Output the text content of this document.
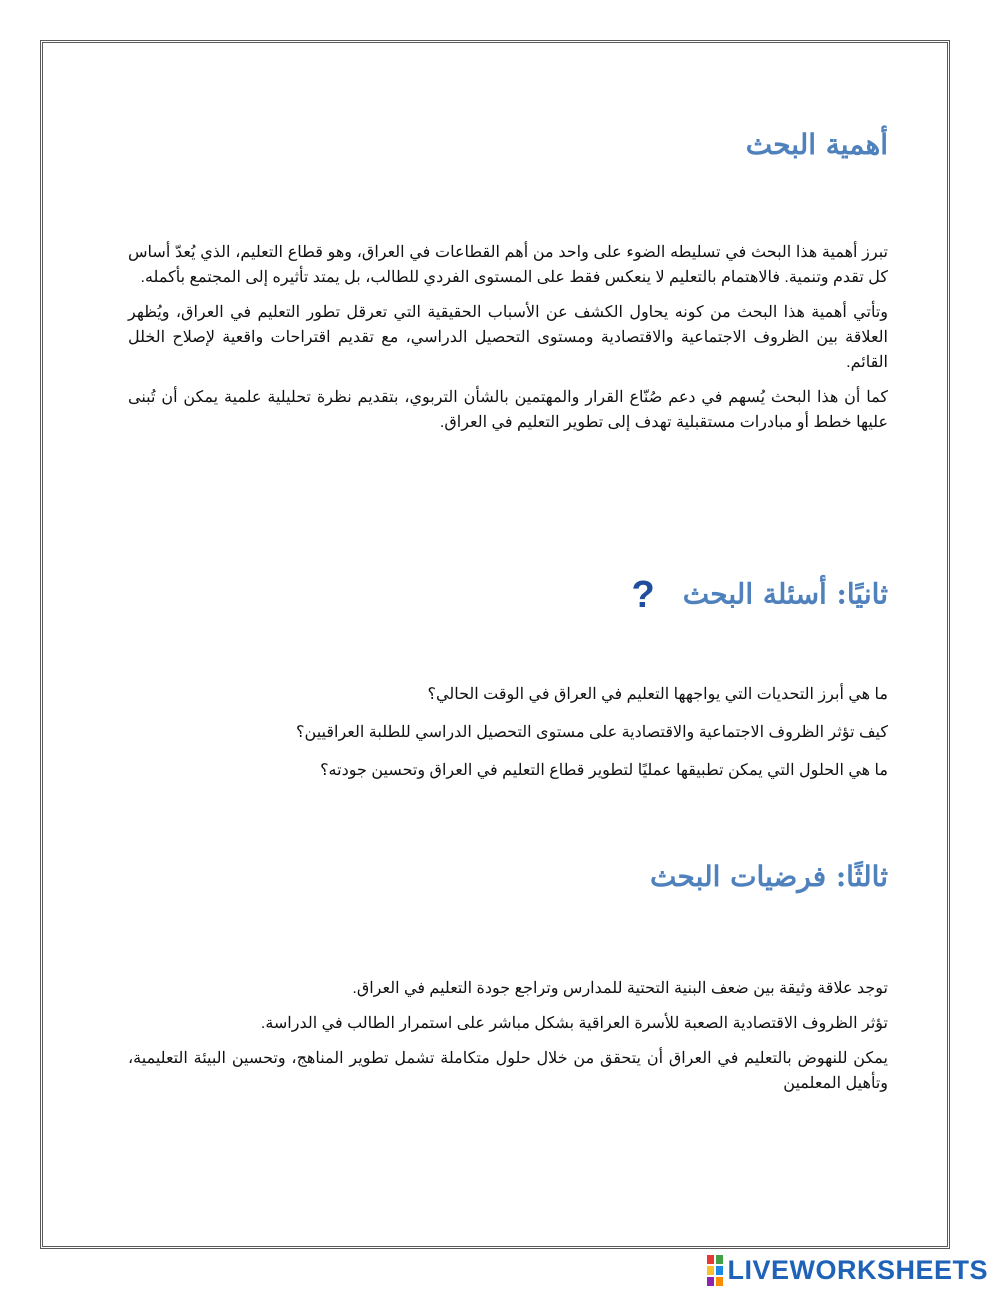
أهمية البحث

تبرز أهمية هذا البحث في تسليطه الضوء على واحد من أهم القطاعات في العراق، وهو قطاع التعليم، الذي يُعدّ أساس كل تقدم وتنمية. فالاهتمام بالتعليم لا ينعكس فقط على المستوى الفردي للطالب، بل يمتد تأثيره إلى المجتمع بأكمله.

وتأتي أهمية هذا البحث من كونه يحاول الكشف عن الأسباب الحقيقية التي تعرقل تطور التعليم في العراق، ويُظهر العلاقة بين الظروف الاجتماعية والاقتصادية ومستوى التحصيل الدراسي، مع تقديم اقتراحات واقعية لإصلاح الخلل القائم.

كما أن هذا البحث يُسهم في دعم صُنّاع القرار والمهتمين بالشأن التربوي، بتقديم نظرة تحليلية علمية يمكن أن تُبنى عليها خطط أو مبادرات مستقبلية تهدف إلى تطوير التعليم في العراق.

ثانيًا: أسئلة البحث?

ما هي أبرز التحديات التي يواجهها التعليم في العراق في الوقت الحالي؟

كيف تؤثر الظروف الاجتماعية والاقتصادية على مستوى التحصيل الدراسي للطلبة العراقيين؟

ما هي الحلول التي يمكن تطبيقها عمليًا لتطوير قطاع التعليم في العراق وتحسين جودته؟

ثالثًا: فرضيات البحث

توجد علاقة وثيقة بين ضعف البنية التحتية للمدارس وتراجع جودة التعليم في العراق.

تؤثر الظروف الاقتصادية الصعبة للأسرة العراقية بشكل مباشر على استمرار الطالب في الدراسة.

يمكن للنهوض بالتعليم في العراق أن يتحقق من خلال حلول متكاملة تشمل تطوير المناهج، وتحسين البيئة التعليمية، وتأهيل المعلمين

LIVEWORKSHEETS
